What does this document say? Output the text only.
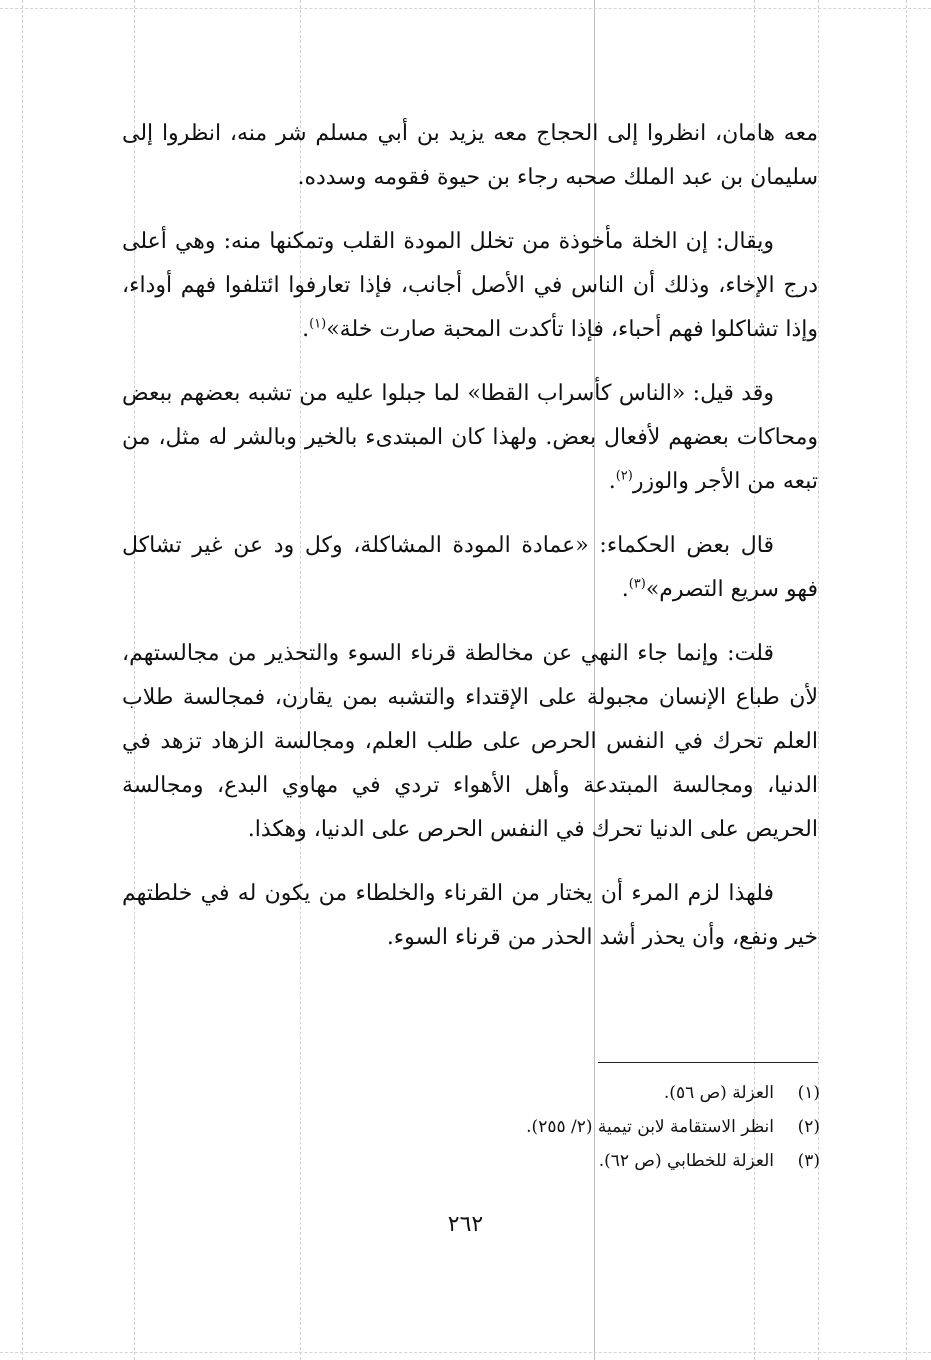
معه هامان، انظروا إلى الحجاج معه يزيد بن أبي مسلم شر منه، انظروا إلى سليمان بن عبد الملك صحبه رجاء بن حيوة فقومه وسدده.

ويقال: إن الخلة مأخوذة من تخلل المودة القلب وتمكنها منه: وهي أعلى درج الإخاء، وذلك أن الناس في الأصل أجانب، فإذا تعارفوا ائتلفوا فهم أوداء، وإذا تشاكلوا فهم أحباء، فإذا تأكدت المحبة صارت خلة»$^{(١)}$.

وقد قيل: «الناس كأسراب القطا» لما جبلوا عليه من تشبه بعضهم ببعض ومحاكات بعضهم لأفعال بعض. ولهذا كان المبتدىء بالخير وبالشر له مثل، من تبعه من الأجر والوزر$^{(٢)}$.

قال بعض الحكماء: «عمادة المودة المشاكلة، وكل ود عن غير تشاكل فهو سريع التصرم»$^{(٣)}$.

قلت: وإنما جاء النهي عن مخالطة قرناء السوء والتحذير من مجالستهم، لأن طباع الإنسان مجبولة على الإقتداء والتشبه بمن يقارن، فمجالسة طلاب العلم تحرك في النفس الحرص على طلب العلم، ومجالسة الزهاد تزهد في الدنيا، ومجالسة المبتدعة وأهل الأهواء تردي في مهاوي البدع، ومجالسة الحريص على الدنيا تحرك في النفس الحرص على الدنيا، وهكذا.

فلهذا لزم المرء أن يختار من القرناء والخلطاء من يكون له في خلطتهم خير ونفع، وأن يحذر أشد الحذر من قرناء السوء.

(١)
العزلة (ص ٥٦).
(٢)
انظر الاستقامة لابن تيمية (٢/ ٢٥٥).
(٣)
العزلة للخطابي (ص ٦٢).
٢٦٢
